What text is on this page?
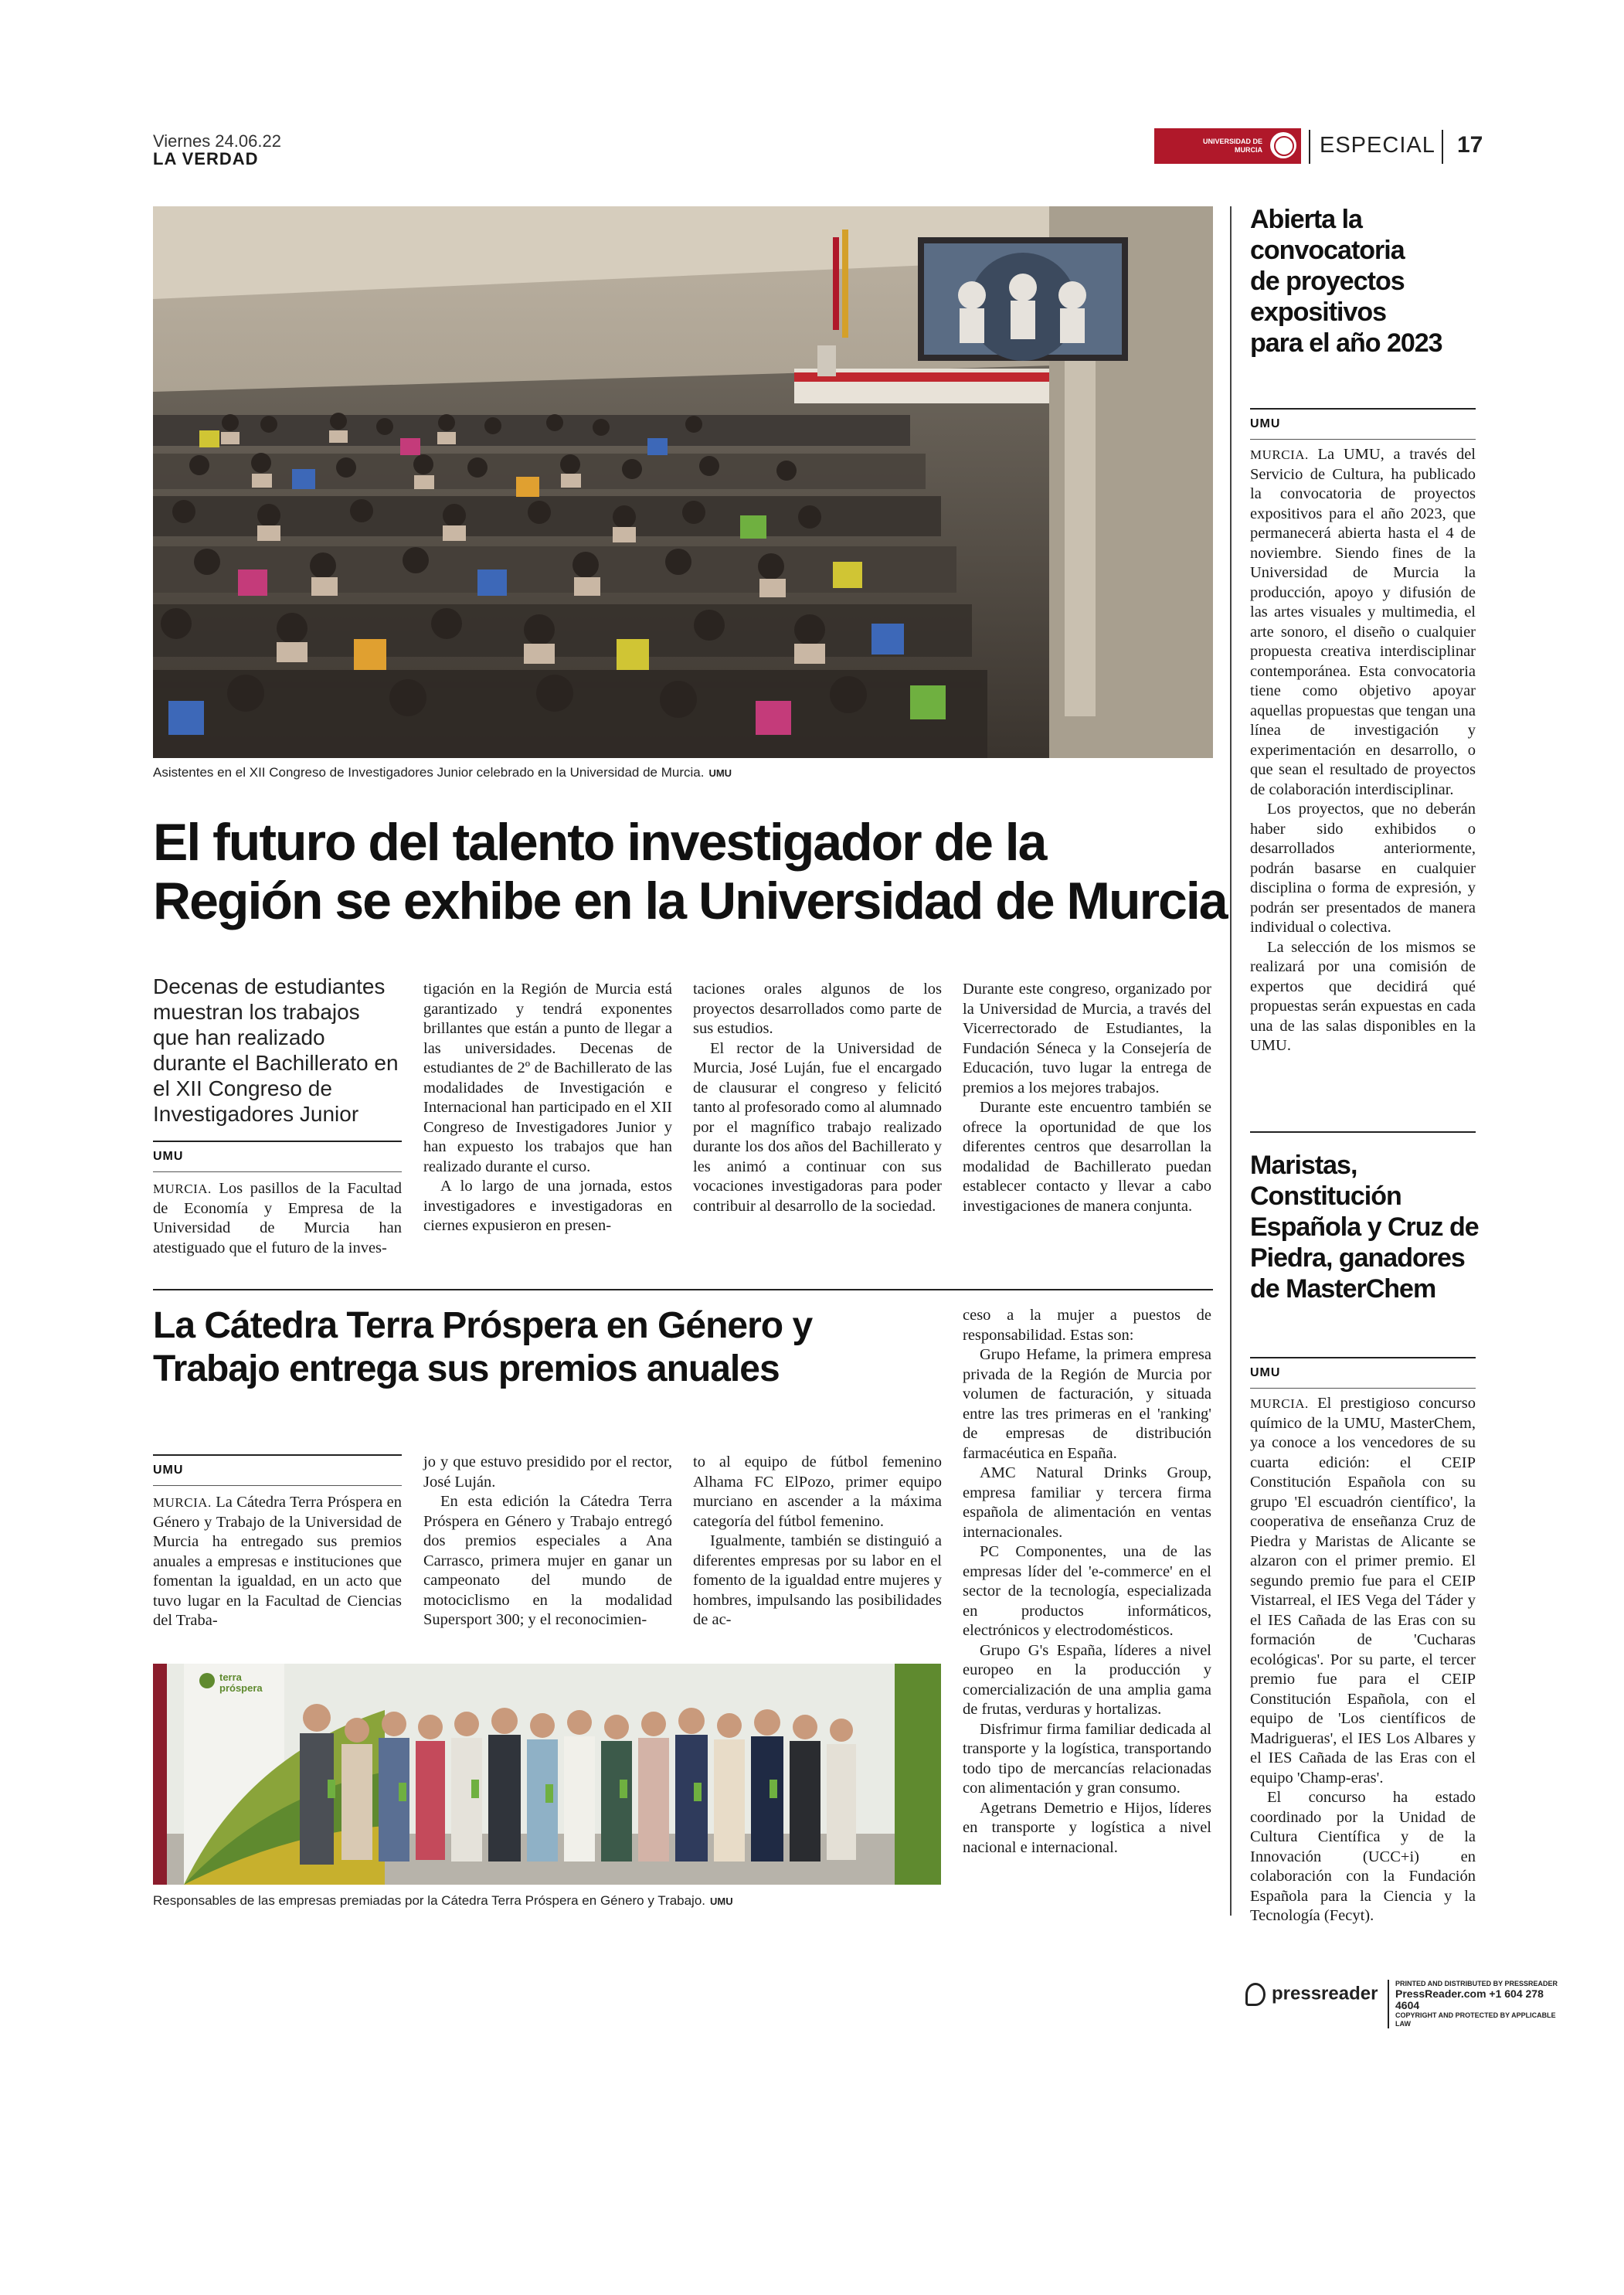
Viernes 24.06.22
LA VERDAD
UNIVERSIDAD DE MURCIA	ESPECIAL 17
Asistentes en el XII Congreso de Investigadores Junior celebrado en la Universidad de Murcia. UMU
El futuro del talento investigador de la
Región se exhibe en la Universidad de Murcia
Decenas de estudiantes muestran los trabajos que han realizado durante el Bachillerato en el XII Congreso de Investigadores Junior
UMU

MURCIA. Los pasillos de la Facultad de Economía y Empresa de la Universidad de Murcia han atestiguado que el futuro de la inves-

tigación en la Región de Murcia está garantizado y tendrá exponentes brillantes que están a punto de llegar a las universidades. Decenas de estudiantes de 2º de Bachillerato de las modalidades de Investigación e Internacional han participado en el XII Congreso de Investigadores Junior y han expuesto los trabajos que han realizado durante el curso.

A lo largo de una jornada, estos investigadores e investigadoras en ciernes expusieron en presen-

taciones orales algunos de los proyectos desarrollados como parte de sus estudios.

El rector de la Universidad de Murcia, José Luján, fue el encargado de clausurar el congreso y felicitó tanto al profesorado como al alumnado por el magnífico trabajo realizado durante los dos años del Bachillerato y les animó a continuar con sus vocaciones investigadoras para poder contribuir al desarrollo de la sociedad.

Durante este congreso, organizado por la Universidad de Murcia, a través del Vicerrectorado de Estudiantes, la Fundación Séneca y la Consejería de Educación, tuvo lugar la entrega de premios a los mejores trabajos.

Durante este encuentro también se ofrece la oportunidad de que los diferentes centros que desarrollan la modalidad de Bachillerato puedan establecer contacto y llevar a cabo investigaciones de manera conjunta.

La Cátedra Terra Próspera en Género y
Trabajo entrega sus premios anuales
UMU

MURCIA. La Cátedra Terra Próspera en Género y Trabajo de la Universidad de Murcia ha entregado sus premios anuales a empresas e instituciones que fomentan la igualdad, en un acto que tuvo lugar en la Facultad de Ciencias del Traba-

jo y que estuvo presidido por el rector, José Luján.

En esta edición la Cátedra Terra Próspera en Género y Trabajo entregó dos premios especiales a Ana Carrasco, primera mujer en ganar un campeonato del mundo de motociclismo en la modalidad Supersport 300; y el reconocimien-

to al equipo de fútbol femenino Alhama FC ElPozo, primer equipo murciano en ascender a la máxima categoría del fútbol femenino.

Igualmente, también se distinguió a diferentes empresas por su labor en el fomento de la igualdad entre mujeres y hombres, impulsando las posibilidades de ac-

ceso a la mujer a puestos de responsabilidad. Estas son:

Grupo Hefame, la primera empresa privada de la Región de Murcia por volumen de facturación, y situada entre las tres primeras en el 'ranking' de empresas de distribución farmacéutica en España.

AMC Natural Drinks Group, empresa familiar y tercera firma española de alimentación en ventas internacionales.

PC Componentes, una de las empresas líder del 'e-commerce' en el sector de la tecnología, especializada en productos informáticos, electrónicos y electrodomésticos.

Grupo G's España, líderes a nivel europeo en la producción y comercialización de una amplia gama de frutas, verduras y hortalizas.

Disfrimur firma familiar dedicada al transporte y la logística, transportando todo tipo de mercancías relacionadas con alimentación y gran consumo.

Agetrans Demetrio e Hijos, líderes en transporte y logística a nivel nacional e internacional.

terra
próspera
Responsables de las empresas premiadas por la Cátedra Terra Próspera en Género y Trabajo. UMU
Abierta la
convocatoria
de proyectos
expositivos
para el año 2023
UMU

MURCIA. La UMU, a través del Servicio de Cultura, ha publicado la convocatoria de proyectos expositivos para el año 2023, que permanecerá abierta hasta el 4 de noviembre. Siendo fines de la Universidad de Murcia la producción, apoyo y difusión de las artes visuales y multimedia, el arte sonoro, el diseño o cualquier propuesta creativa interdisciplinar contemporánea. Esta convocatoria tiene como objetivo apoyar aquellas propuestas que tengan una línea de investigación y experimentación en desarrollo, o que sean el resultado de proyectos de colaboración interdisciplinar.

Los proyectos, que no deberán haber sido exhibidos o desarrollados anteriormente, podrán basarse en cualquier disciplina o forma de expresión, y podrán ser presentados de manera individual o colectiva.

La selección de los mismos se realizará por una comisión de expertos que decidirá qué propuestas serán expuestas en cada una de las salas disponibles en la UMU.

Maristas,
Constitución
Española y Cruz de
Piedra, ganadores
de MasterChem
UMU

MURCIA. El prestigioso concurso químico de la UMU, MasterChem, ya conoce a los vencedores de su cuarta edición: el CEIP Constitución Española con su grupo 'El escuadrón científico', la cooperativa de enseñanza Cruz de Piedra y Maristas de Alicante se alzaron con el primer premio. El segundo premio fue para el CEIP Vistarreal, el IES Vega del Táder y el IES Cañada de las Eras con su formación de 'Cucharas ecológicas'. Por su parte, el tercer premio fue para el CEIP Constitución Española, con el equipo de 'Los científicos de Madrigueras', el IES Los Albares y el IES Cañada de las Eras con el equipo 'Champ-eras'.

El concurso ha estado coordinado por la Unidad de Cultura Científica y de la Innovación (UCC+i) en colaboración con la Fundación Española para la Ciencia y la Tecnología (Fecyt).

pressreader	PRINTED AND DISTRIBUTED BY PRESSREADER
PressReader.com +1 604 278 4604
COPYRIGHT AND PROTECTED BY APPLICABLE LAW
